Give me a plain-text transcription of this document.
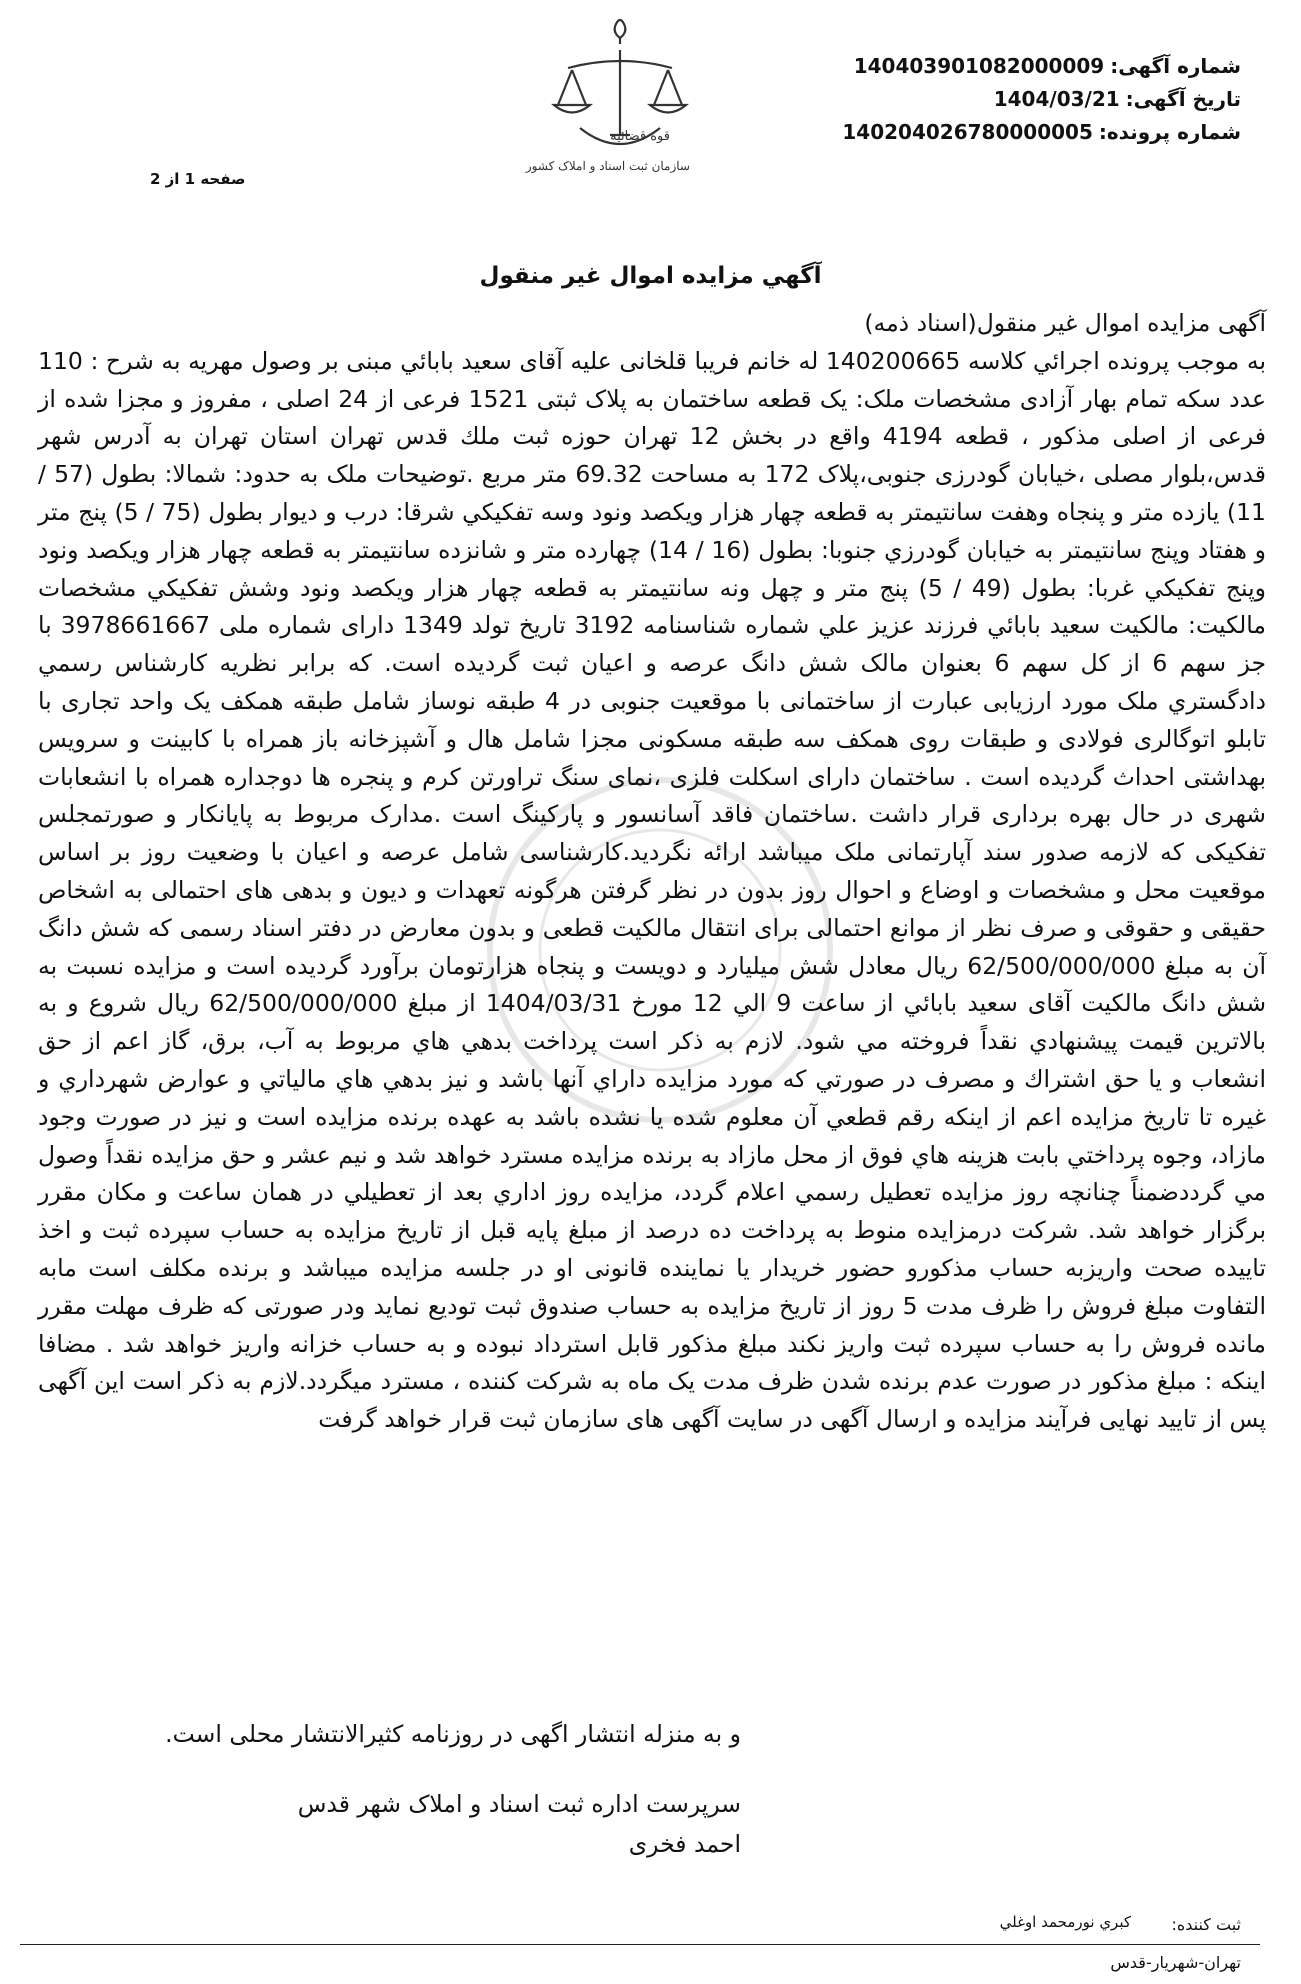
قوه قضائیه
سازمان ثبت اسناد و املاک کشور
شماره آگهی:
140403901082000009
تاریخ آگهی:
1404/03/21
شماره پرونده:
140204026780000005
صفحه 1 از 2
آگهي مزايده اموال غير منقول

آگهی مزایده اموال غیر منقول(اسناد ذمه)

به موجب پرونده اجرائي كلاسه 140200665 له خانم فریبا قلخانی علیه آقای سعید بابائي مبنی بر وصول مهریه به شرح : 110 عدد سکه تمام بهار آزادی مشخصات ملک: یک قطعه ساختمان به پلاک ثبتی 1521 فرعی از 24 اصلی ، مفروز و مجزا شده از فرعی از اصلی مذکور ، قطعه 4194 واقع در بخش 12 تهران حوزه ثبت ملك قدس تهران استان تهران به آدرس شهر قدس،بلوار مصلی ،خیابان گودرزی جنوبی،پلاک 172 به مساحت 69.32 متر مربع .توضیحات ملک به حدود: شمالا: بطول (57 / 11) یازده متر و پنجاه وهفت سانتيمتر به قطعه چهار هزار ويكصد ونود وسه تفكيكي شرقا: درب و ديوار بطول (75 / 5) پنج متر و هفتاد وپنج سانتيمتر به خيابان گودرزي جنوبا: بطول (16 / 14) چهارده متر و شانزده سانتيمتر به قطعه چهار هزار ويكصد ونود وپنج تفكيكي غربا: بطول (49 / 5) پنج متر و چهل ونه سانتيمتر به قطعه چهار هزار ويكصد ونود وشش تفكيكي مشخصات مالكيت: مالکیت سعید بابائي فرزند عزيز علي شماره شناسنامه 3192 تاریخ تولد 1349 دارای شماره ملی 3978661667 با جز سهم 6 از كل سهم 6 بعنوان مالک شش دانگ عرصه و اعیان ثبت گرديده است. که برابر نظریه کارشناس رسمي دادگستري ملک مورد ارزیابی عبارت از ساختمانی با موقعیت جنوبی در 4 طبقه نوساز شامل طبقه همکف یک واحد تجاری با تابلو اتوگالری فولادی و طبقات روی همکف سه طبقه مسکونی مجزا شامل هال و آشپزخانه باز همراه با کابینت و سرویس بهداشتی احداث گردیده است . ساختمان دارای اسکلت فلزی ،نمای سنگ تراورتن کرم و پنجره ها دوجداره همراه با انشعابات شهری در حال بهره برداری قرار داشت .ساختمان فاقد آسانسور و پارکینگ است .مدارک مربوط به پایانکار و صورتمجلس تفکیکی که لازمه صدور سند آپارتمانی ملک میباشد ارائه نگردید.کارشناسی شامل عرصه و اعیان با وضعیت روز بر اساس موقعیت محل و مشخصات و اوضاع و احوال روز بدون در نظر گرفتن هرگونه تعهدات و دیون و بدهی های احتمالی به اشخاص حقیقی و حقوقی و صرف نظر از موانع احتمالی برای انتقال مالکیت قطعی و بدون معارض در دفتر اسناد رسمی که شش دانگ آن به مبلغ 62/500/000/000 ريال معادل شش میلیارد و دویست و پنجاه هزارتومان برآورد گرديده است و مزايده نسبت به شش دانگ مالكيت آقای سعید بابائي از ساعت 9 الي 12 مورخ 1404/03/31 از مبلغ 62/500/000/000 ريال شروع و به بالاترين قيمت پيشنهادي نقداً فروخته مي شود. لازم به ذكر است پرداخت بدهي هاي مربوط به آب، برق، گاز اعم از حق انشعاب و يا حق اشتراك و مصرف در صورتي كه مورد مزايده داراي آنها باشد و نيز بدهي هاي مالياتي و عوارض شهرداري و غيره تا تاريخ مزايده اعم از اينكه رقم قطعي آن معلوم شده يا نشده باشد به عهده برنده مزايده است و نيز در صورت وجود مازاد، وجوه پرداختي بابت هزينه هاي فوق از محل مازاد به برنده مزايده مسترد خواهد شد و نيم عشر و حق مزايده نقداً وصول مي گرددضمناً چنانچه روز مزايده تعطيل رسمي اعلام گردد، مزايده روز اداري بعد از تعطيلي در همان ساعت و مكان مقرر برگزار خواهد شد. شرکت درمزایده منوط به پرداخت ده درصد از مبلغ پایه قبل از تاریخ مزایده به حساب سپرده ثبت و اخذ تاييده صحت واریزبه حساب مذکورو حضور خریدار یا نماینده قانونی او در جلسه مزایده میباشد و برنده مکلف است مابه التفاوت مبلغ فروش را ظرف مدت 5 روز از تاریخ مزایده به حساب صندوق ثبت تودیع نماید ودر صورتی که ظرف مهلت مقرر مانده فروش را به حساب سپرده ثبت واریز نکند مبلغ مذکور قابل استرداد نبوده و به حساب خزانه واریز خواهد شد . مضافا اینکه : مبلغ مذکور در صورت عدم برنده شدن ظرف مدت یک ماه به شرکت کننده ، مسترد میگردد.لازم به ذکر است این آگهی پس از تایید نهایی فرآیند مزایده و ارسال آگهی در سایت آگهی های سازمان ثبت قرار خواهد گرفت

و به منزله انتشار اگهی در روزنامه کثیرالانتشار محلی است.
سرپرست اداره ثبت اسناد و املاک شهر قدس
احمد فخری
ثبت کننده:
کبري نورمحمد اوغلي
تهران-شهريار-قدس
